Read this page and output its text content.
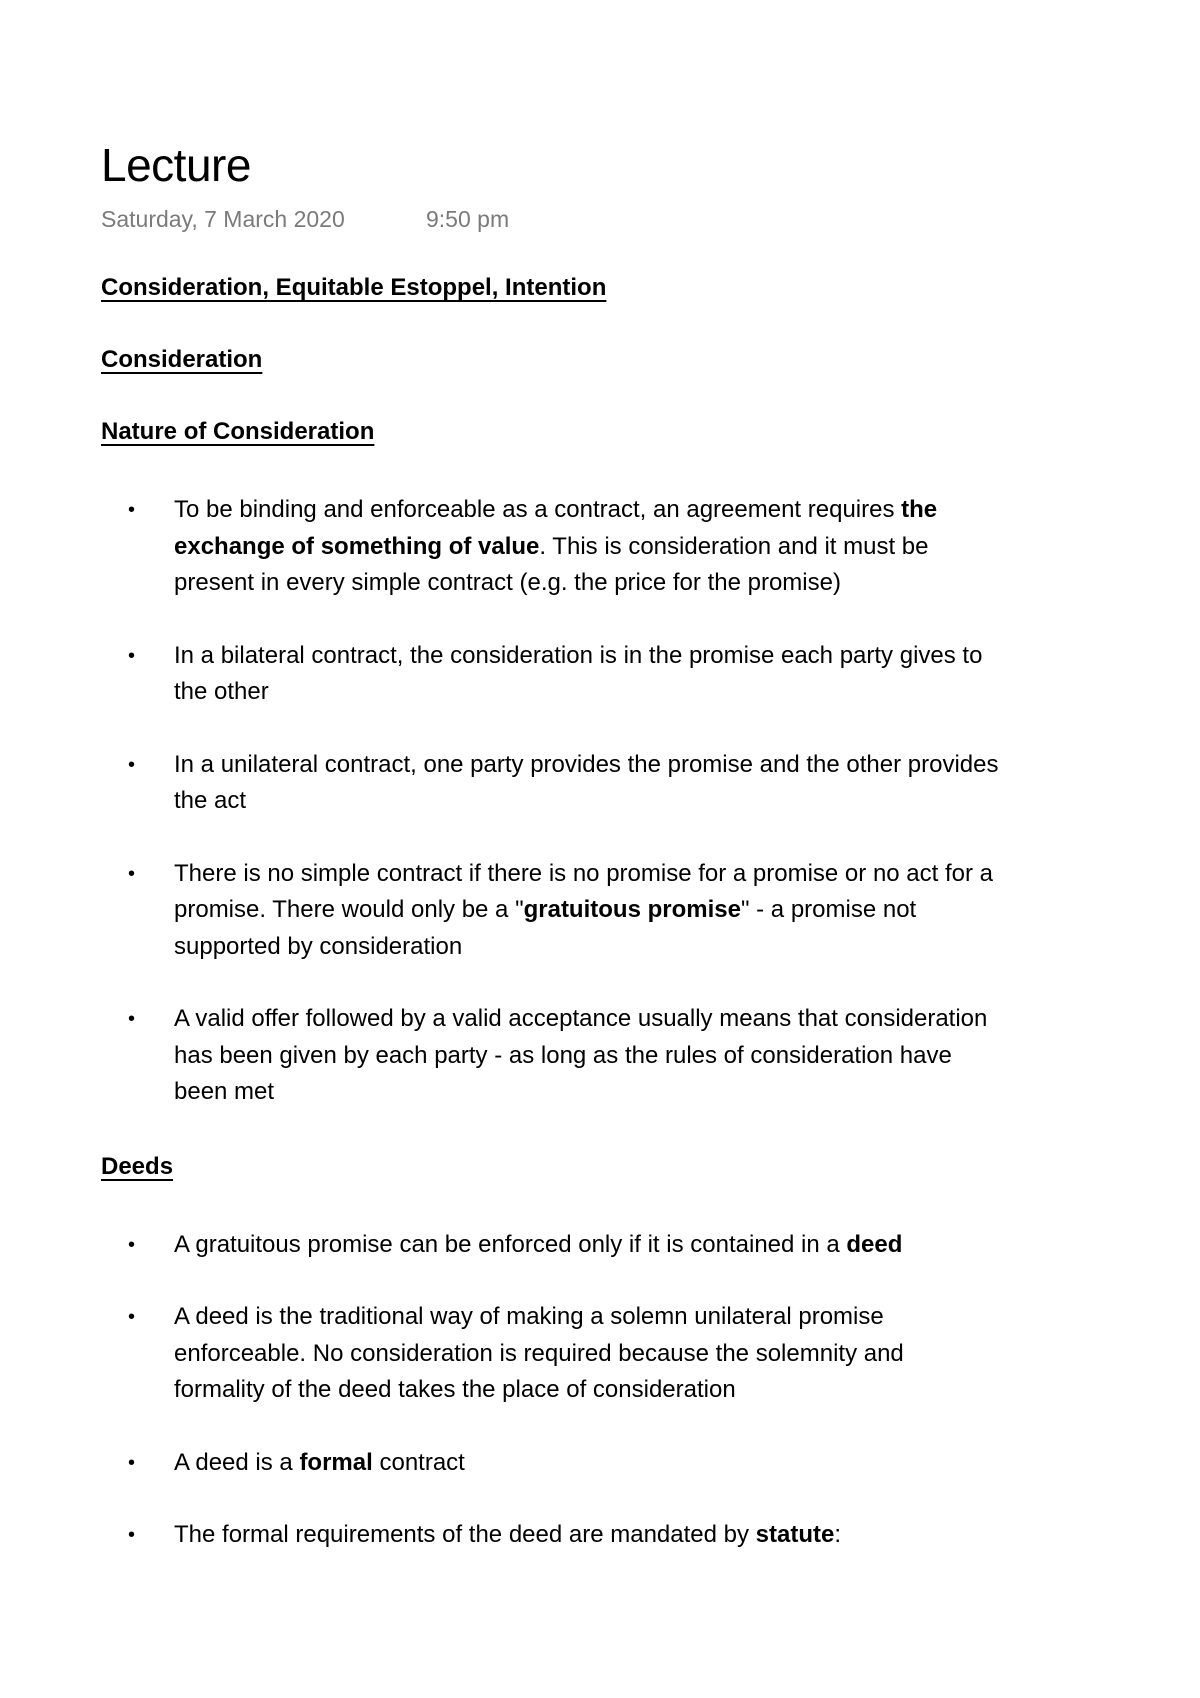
Lecture
Saturday, 7 March 2020	9:50 pm

Consideration, Equitable Estoppel, Intention

Consideration

Nature of Consideration

• To be binding and enforceable as a contract, an agreement requires the exchange of something of value. This is consideration and it must be present in every simple contract (e.g. the price for the promise)
• In a bilateral contract, the consideration is in the promise each party gives to the other
• In a unilateral contract, one party provides the promise and the other provides the act
• There is no simple contract if there is no promise for a promise or no act for a promise. There would only be a "gratuitous promise" - a promise not supported by consideration
• A valid offer followed by a valid acceptance usually means that consideration has been given by each party - as long as the rules of consideration have been met

Deeds

• A gratuitous promise can be enforced only if it is contained in a deed
• A deed is the traditional way of making a solemn unilateral promise enforceable. No consideration is required because the solemnity and formality of the deed takes the place of consideration
• A deed is a formal contract
• The formal requirements of the deed are mandated by statute:
